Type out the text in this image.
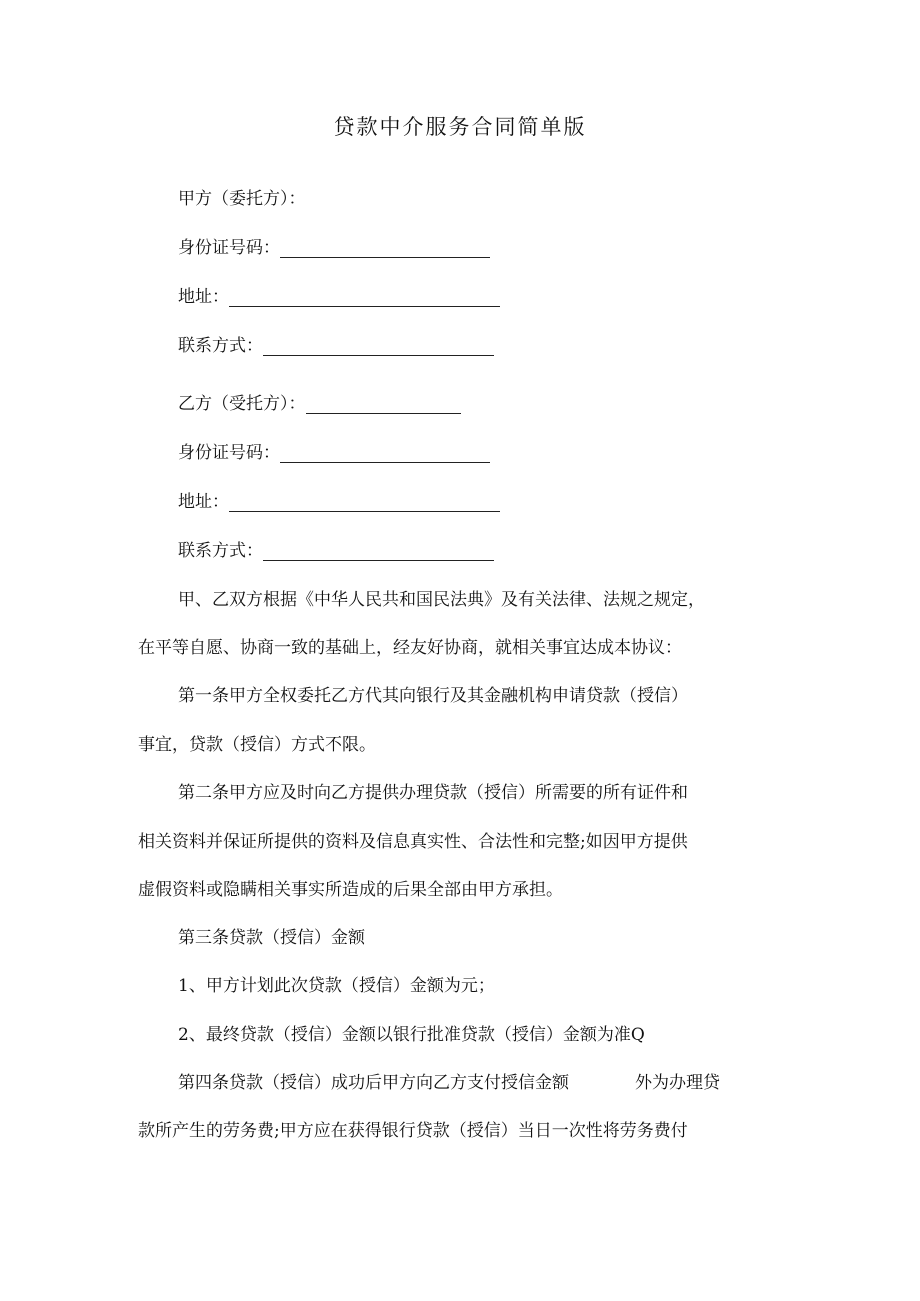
贷款中介服务合同简单版
甲方（委托方）：
身份证号码：
地址：
联系方式：
乙方（受托方）：
身份证号码：
地址：
联系方式：
甲、乙双方根据《中华人民共和国民法典》及有关法律、法规之规定，
在平等自愿、协商一致的基础上，经友好协商，就相关事宜达成本协议：
第一条甲方全权委托乙方代其向银行及其金融机构申请贷款（授信）
事宜，贷款（授信）方式不限。
第二条甲方应及时向乙方提供办理贷款（授信）所需要的所有证件和
相关资料并保证所提供的资料及信息真实性、合法性和完整;如因甲方提供
虚假资料或隐瞒相关事实所造成的后果全部由甲方承担。
第三条贷款（授信）金额
1、甲方计划此次贷款（授信）金额为元；
2、最终贷款（授信）金额以银行批准贷款（授信）金额为准Q
第四条贷款（授信）成功后甲方向乙方支付授信金额	外为办理贷
款所产生的劳务费;甲方应在获得银行贷款（授信）当日一次性将劳务费付
